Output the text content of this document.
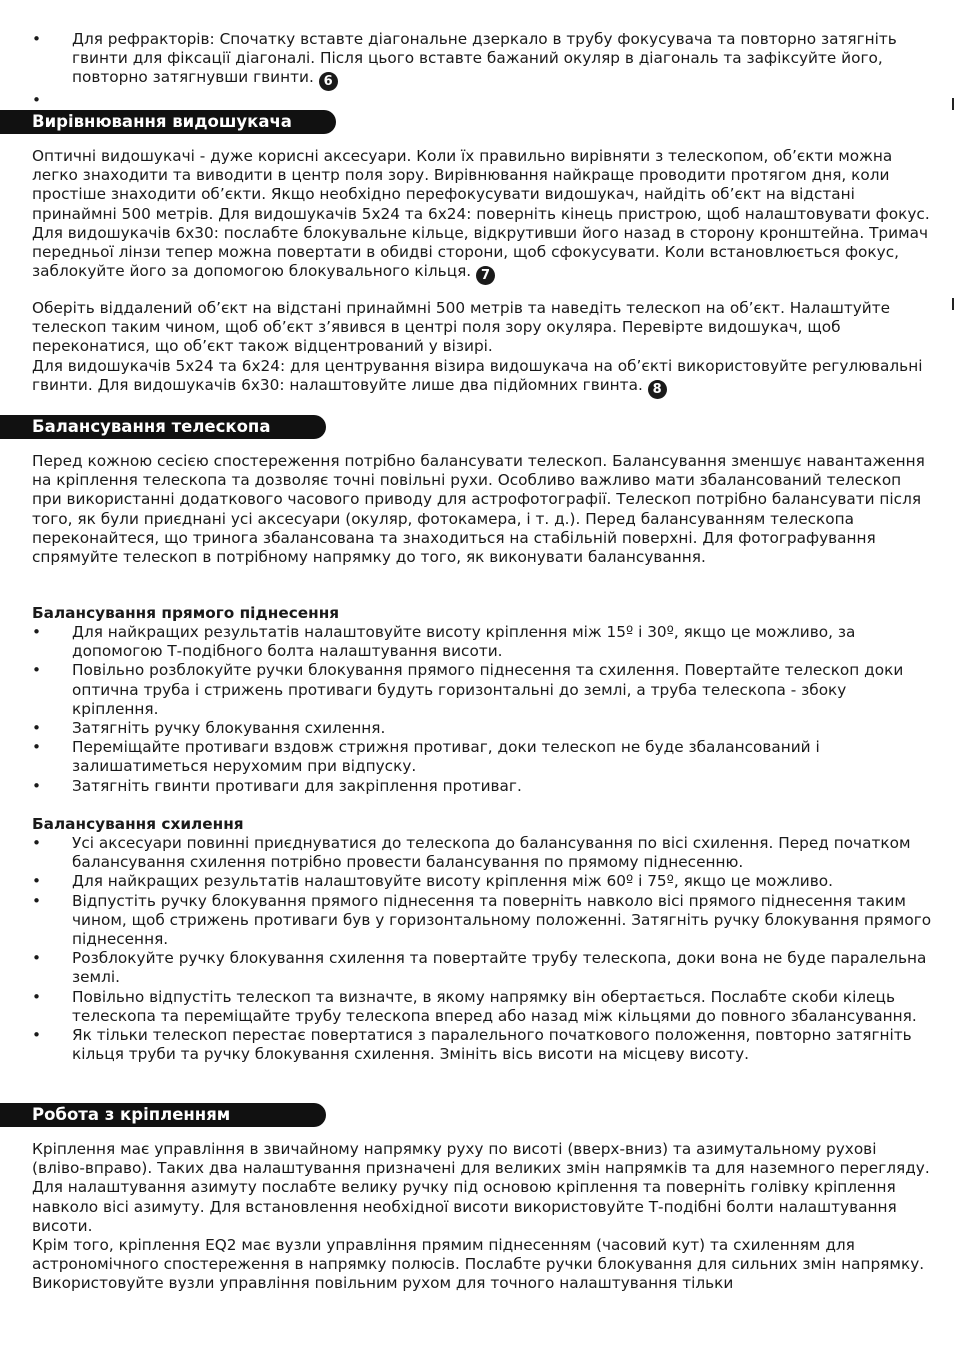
• Для рефракторів: Спочатку вставте діагональне дзеркало в трубу фокусувача та повторно затягніть гвинти для фіксації діагоналі. Після цього вставте бажаний окуляр в діагональ та зафіксуйте його, повторно затягнувши гвинти. 6
•
Вирівнювання видошукача

Оптичні видошукачі - дуже корисні аксесуари. Коли їх правильно вирівняти з телескопом, об’єкти можна легко знаходити та виводити в центр поля зору. Вирівнювання найкраще проводити протягом дня, коли простіше знаходити об’єкти. Якщо необхідно перефокусувати видошукач, найдіть об’єкт на відстані принаймні 500 метрів. Для видошукачів 5x24 та 6x24: поверніть кінець пристрою, щоб налаштовувати фокус. Для видошукачів 6x30: послабте блокувальне кільце, відкрутивши його назад в сторону кронштейна. Тримач передньої лінзи тепер можна повертати в обидві сторони, щоб сфокусувати. Коли встановлюється фокус, заблокуйте його за допомогою блокувального кільця. 7

Оберіть віддалений об’єкт на відстані принаймні 500 метрів та наведіть телескоп на об’єкт. Налаштуйте телескоп таким чином, щоб об’єкт з’явився в центрі поля зору окуляра. Перевірте видошукач, щоб переконатися, що об’єкт також відцентрований у візирі.
Для видошукачів 5x24 та 6x24: для центрування візира видошукача на об’єкті використовуйте регулювальні гвинти. Для видошукачів 6x30: налаштовуйте лише два підйомних гвинта. 8

Балансування телескопа

Перед кожною сесією спостереження потрібно балансувати телескоп. Балансування зменшує навантаження на кріплення телескопа та дозволяє точні повільні рухи. Особливо важливо мати збалансований телескоп при використанні додаткового часового приводу для астрофотографії. Телескоп потрібно балансувати після того, як були приєднані усі аксесуари (окуляр, фотокамера, і т. д.). Перед балансуванням телескопа переконайтеся, що тринога збалансована та знаходиться на стабільній поверхні. Для фотографування спрямуйте телескоп в потрібному напрямку до того, як виконувати балансування.

Балансування прямого піднесення

• Для найкращих результатів налаштовуйте висоту кріплення між 15º і 30º, якщо це можливо, за допомогою Т-подібного болта налаштування висоти.
• Повільно розблокуйте ручки блокування прямого піднесення та схилення. Повертайте телескоп доки оптична труба і стрижень противаги будуть горизонтальні до землі, а труба телескопа - збоку кріплення.
• Затягніть ручку блокування схилення.
• Переміщайте противаги вздовж стрижня противаг, доки телескоп не буде збалансований і залишатиметься нерухомим при відпуску.
• Затягніть гвинти противаги для закріплення противаг.

Балансування схилення

• Усі аксесуари повинні приєднуватися до телескопа до балансування по вісі схилення. Перед початком балансування схилення потрібно провести балансування по прямому піднесенню.
• Для найкращих результатів налаштовуйте висоту кріплення між 60º і 75º, якщо це можливо.
• Відпустіть ручку блокування прямого піднесення та поверніть навколо вісі прямого піднесення таким чином, щоб стрижень противаги був у горизонтальному положенні. Затягніть ручку блокування прямого піднесення.
• Розблокуйте ручку блокування схилення та повертайте трубу телескопа, доки вона не буде паралельна землі.
• Повільно відпустіть телескоп та визначте, в якому напрямку він обертається. Послабте скоби кілець телескопа та переміщайте трубу телескопа вперед або назад між кільцями до повного збалансування.
• Як тільки телескоп перестає повертатися з паралельного початкового положення, повторно затягніть кільця труби та ручку блокування схилення. Змініть вісь висоти на місцеву висоту.
Робота з кріпленням

Кріплення має управління в звичайному напрямку руху по висоті (вверх-вниз) та азимутальному рухові (вліво-вправо). Таких два налаштування призначені для великих змін напрямків та для наземного перегляду. Для налаштування азимуту послабте велику ручку під основою кріплення та поверніть голівку кріплення навколо вісі азимуту. Для встановлення необхідної висоти використовуйте Т-подібні болти налаштування висоти.
Крім того, кріплення EQ2 має вузли управління прямим піднесенням (часовий кут) та схиленням для астрономічного спостереження в напрямку полюсів. Послабте ручки блокування для сильних змін напрямку. Використовуйте вузли управління повільним рухом для точного налаштування тільки
